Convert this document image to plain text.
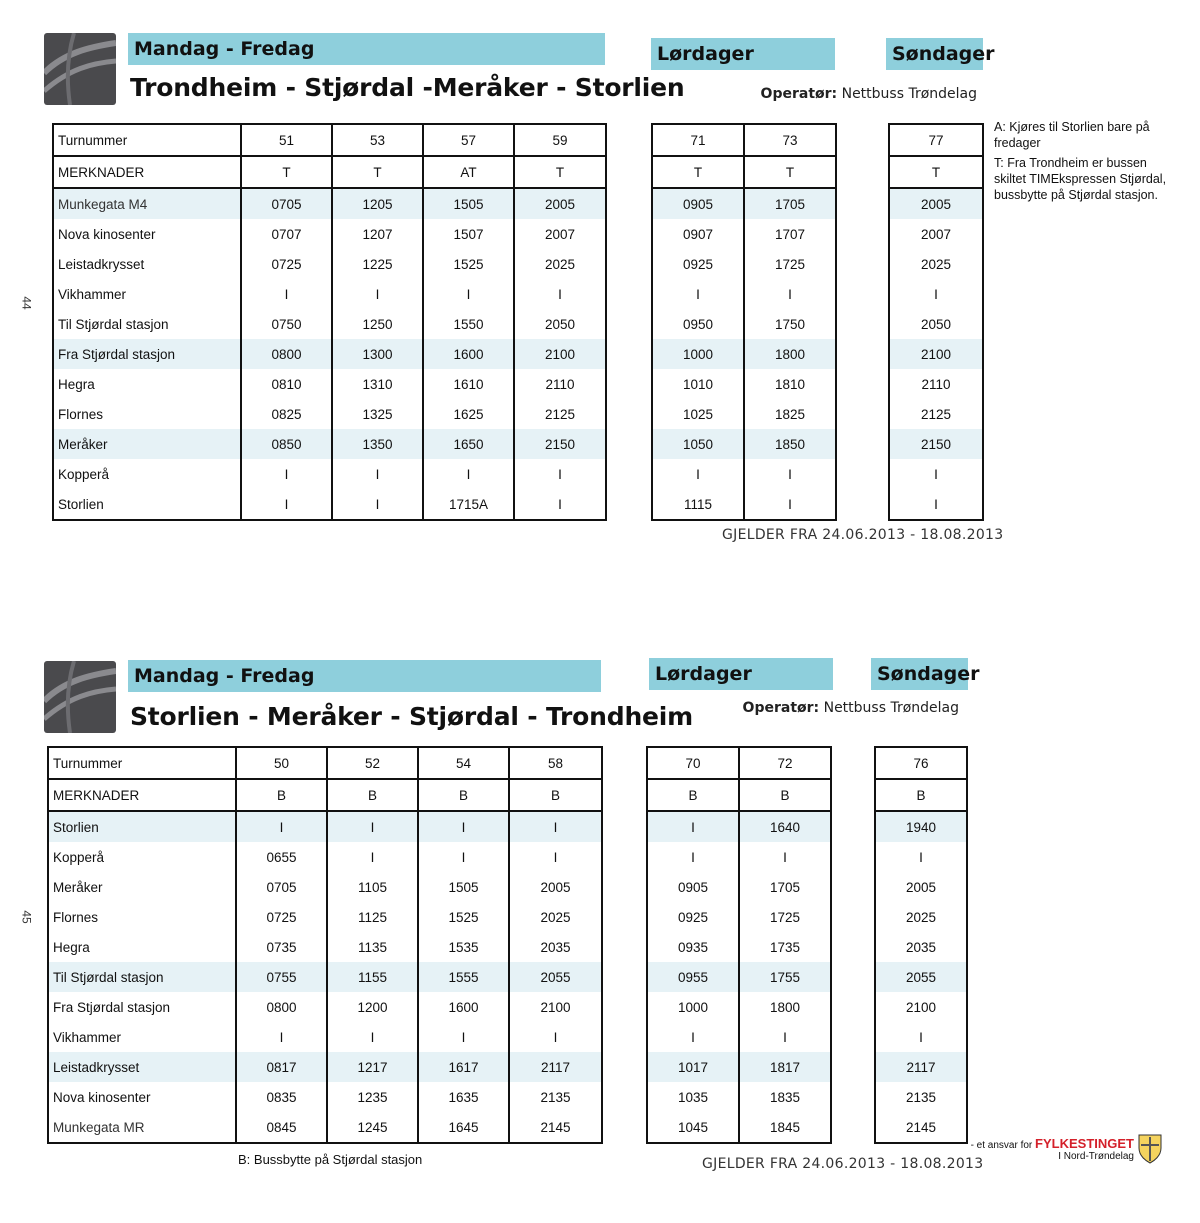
Mandag - Fredag	Lørdager	Søndager
Trondheim - Stjørdal -Meråker - Storlien	Operatør: Nettbuss Trøndelag
44
Turnummer	51	53	57	59
MERKNADER	T	T	AT	T
Munkegata M4	0705	1205	1505	2005
Nova kinosenter	0707	1207	1507	2007
Leistadkrysset	0725	1225	1525	2025
Vikhammer	I	I	I	I
Til Stjørdal stasjon	0750	1250	1550	2050
Fra Stjørdal stasjon	0800	1300	1600	2100
Hegra	0810	1310	1610	2110
Flornes	0825	1325	1625	2125
Meråker	0850	1350	1650	2150
Kopperå	I	I	I	I
Storlien	I	I	1715A	I
71	73
T	T
0905	1705
0907	1707
0925	1725
I	I
0950	1750
1000	1800
1010	1810
1025	1825
1050	1850
I	I
1115	I
77
T
2005
2007
2025
I
2050
2100
2110
2125
2150
I
I
A: Kjøres til Storlien bare på fredager
T: Fra Trondheim er bussen skiltet TIMEkspressen Stjørdal, bussbytte på Stjørdal stasjon.
GJELDER FRA 24.06.2013 - 18.08.2013
Mandag - Fredag	Lørdager	Søndager
Storlien - Meråker - Stjørdal - Trondheim	Operatør: Nettbuss Trøndelag
45
Turnummer	50	52	54	58
MERKNADER	B	B	B	B
Storlien	I	I	I	I
Kopperå	0655	I	I	I
Meråker	0705	1105	1505	2005
Flornes	0725	1125	1525	2025
Hegra	0735	1135	1535	2035
Til Stjørdal stasjon	0755	1155	1555	2055
Fra Stjørdal stasjon	0800	1200	1600	2100
Vikhammer	I	I	I	I
Leistadkrysset	0817	1217	1617	2117
Nova kinosenter	0835	1235	1635	2135
Munkegata MR	0845	1245	1645	2145
70	72
B	B
I	1640
I	I
0905	1705
0925	1725
0935	1735
0955	1755
1000	1800
I	I
1017	1817
1035	1835
1045	1845
76
B
1940
I
2005
2025
2035
2055
2100
I
2117
2135
2145
B: Bussbytte på Stjørdal stasjon	GJELDER FRA 24.06.2013 - 18.08.2013
- et ansvar for FYLKESTINGET
I Nord-Trøndelag
